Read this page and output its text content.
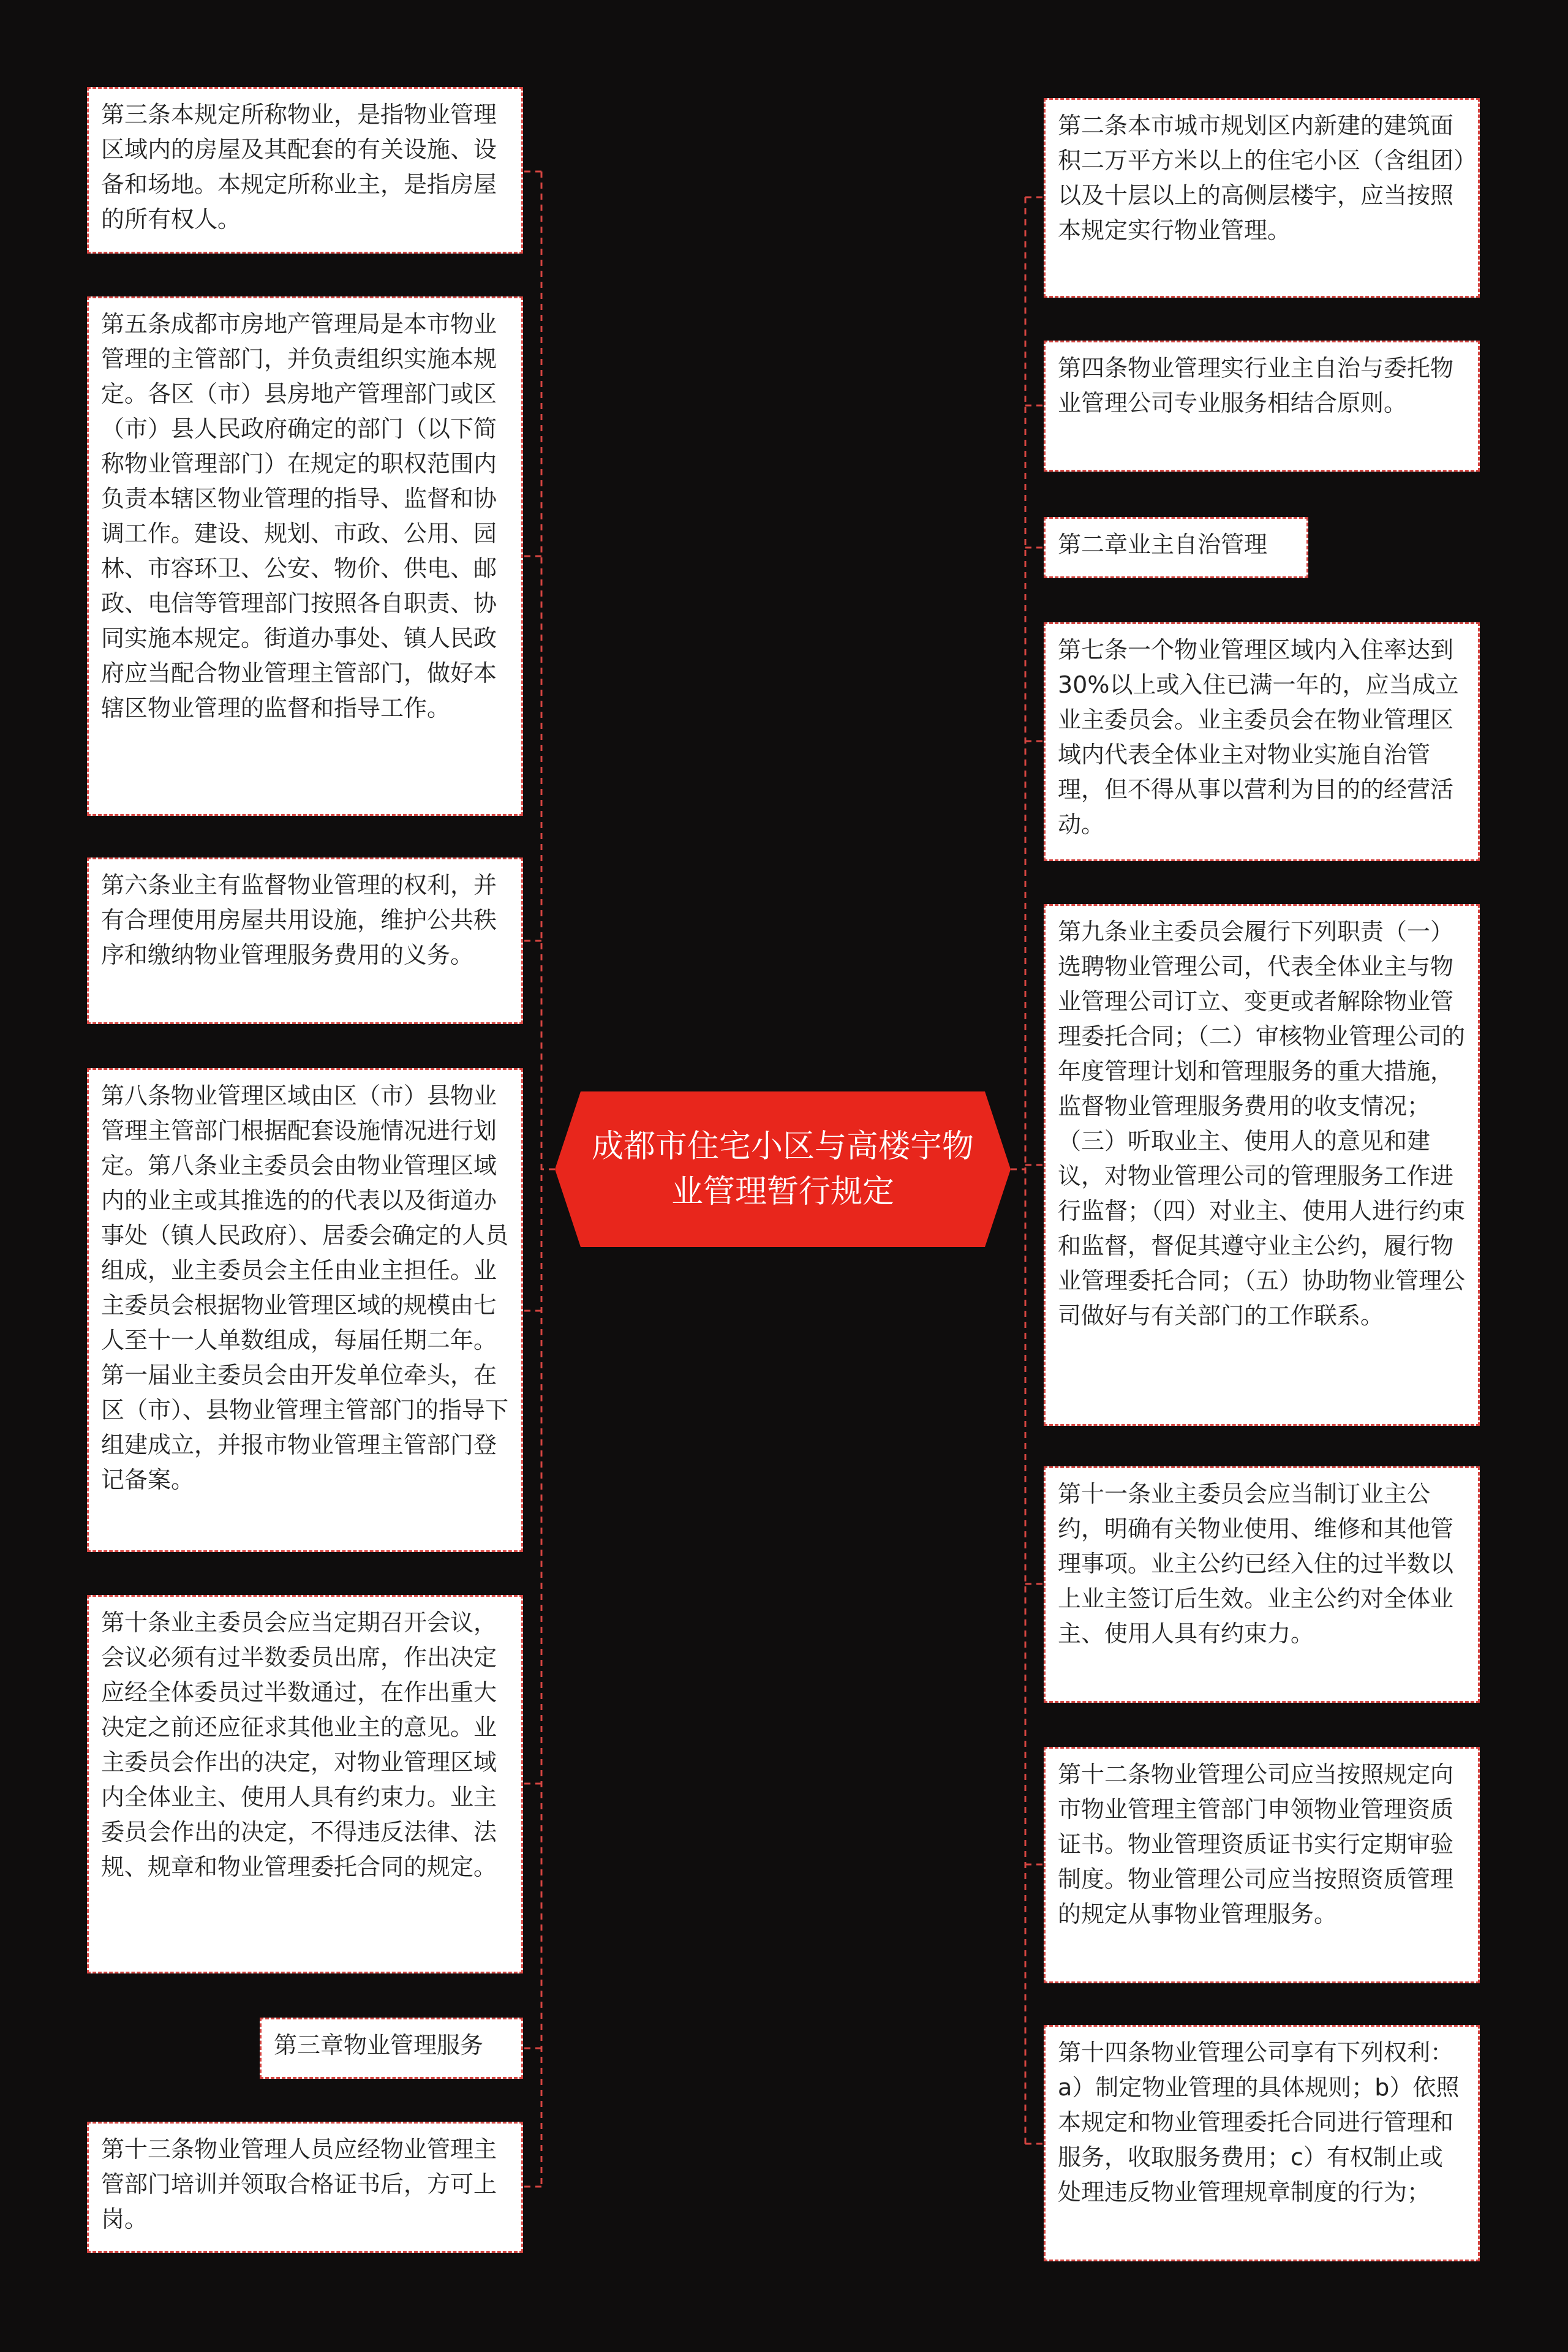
成都市住宅小区与高楼宇物业管理暂行规定
第三条本规定所称物业，是指物业管理区域内的房屋及其配套的有关设施、设备和场地。本规定所称业主，是指房屋的所有权人。
第五条成都市房地产管理局是本市物业管理的主管部门，并负责组织实施本规定。各区（市）县房地产管理部门或区（市）县人民政府确定的部门（以下简称物业管理部门）在规定的职权范围内负责本辖区物业管理的指导、监督和协调工作。建设、规划、市政、公用、园林、市容环卫、公安、物价、供电、邮政、电信等管理部门按照各自职责、协同实施本规定。街道办事处、镇人民政府应当配合物业管理主管部门，做好本辖区物业管理的监督和指导工作。
第六条业主有监督物业管理的权利，并有合理使用房屋共用设施，维护公共秩序和缴纳物业管理服务费用的义务。
第八条物业管理区域由区（市）县物业管理主管部门根据配套设施情况进行划定。第八条业主委员会由物业管理区域内的业主或其推选的的代表以及街道办事处（镇人民政府）、居委会确定的人员组成，业主委员会主任由业主担任。业主委员会根据物业管理区域的规模由七人至十一人单数组成，每届任期二年。第一届业主委员会由开发单位牵头，在区（市）、县物业管理主管部门的指导下组建成立，并报市物业管理主管部门登记备案。
第十条业主委员会应当定期召开会议，会议必须有过半数委员出席，作出决定应经全体委员过半数通过，在作出重大决定之前还应征求其他业主的意见。业主委员会作出的决定，对物业管理区域内全体业主、使用人具有约束力。业主委员会作出的决定，不得违反法律、法规、规章和物业管理委托合同的规定。
第三章物业管理服务
第十三条物业管理人员应经物业管理主管部门培训并领取合格证书后，方可上岗。
第二条本市城市规划区内新建的建筑面积二万平方米以上的住宅小区（含组团）以及十层以上的高侧层楼宇，应当按照本规定实行物业管理。
第四条物业管理实行业主自治与委托物业管理公司专业服务相结合原则。
第二章业主自治管理
第七条一个物业管理区域内入住率达到30%以上或入住已满一年的，应当成立业主委员会。业主委员会在物业管理区域内代表全体业主对物业实施自治管理，但不得从事以营利为目的的经营活动。
第九条业主委员会履行下列职责（一）选聘物业管理公司，代表全体业主与物业管理公司订立、变更或者解除物业管理委托合同；（二）审核物业管理公司的年度管理计划和管理服务的重大措施，监督物业管理服务费用的收支情况；（三）听取业主、使用人的意见和建议，对物业管理公司的管理服务工作进行监督；（四）对业主、使用人进行约束和监督，督促其遵守业主公约，履行物业管理委托合同；（五）协助物业管理公司做好与有关部门的工作联系。
第十一条业主委员会应当制订业主公约，明确有关物业使用、维修和其他管理事项。业主公约已经入住的过半数以上业主签订后生效。业主公约对全体业主、使用人具有约束力。
第十二条物业管理公司应当按照规定向市物业管理主管部门申领物业管理资质证书。物业管理资质证书实行定期审验制度。物业管理公司应当按照资质管理的规定从事物业管理服务。
第十四条物业管理公司享有下列权利：a）制定物业管理的具体规则；b）依照本规定和物业管理委托合同进行管理和服务，收取服务费用；c）有权制止或处理违反物业管理规章制度的行为；
